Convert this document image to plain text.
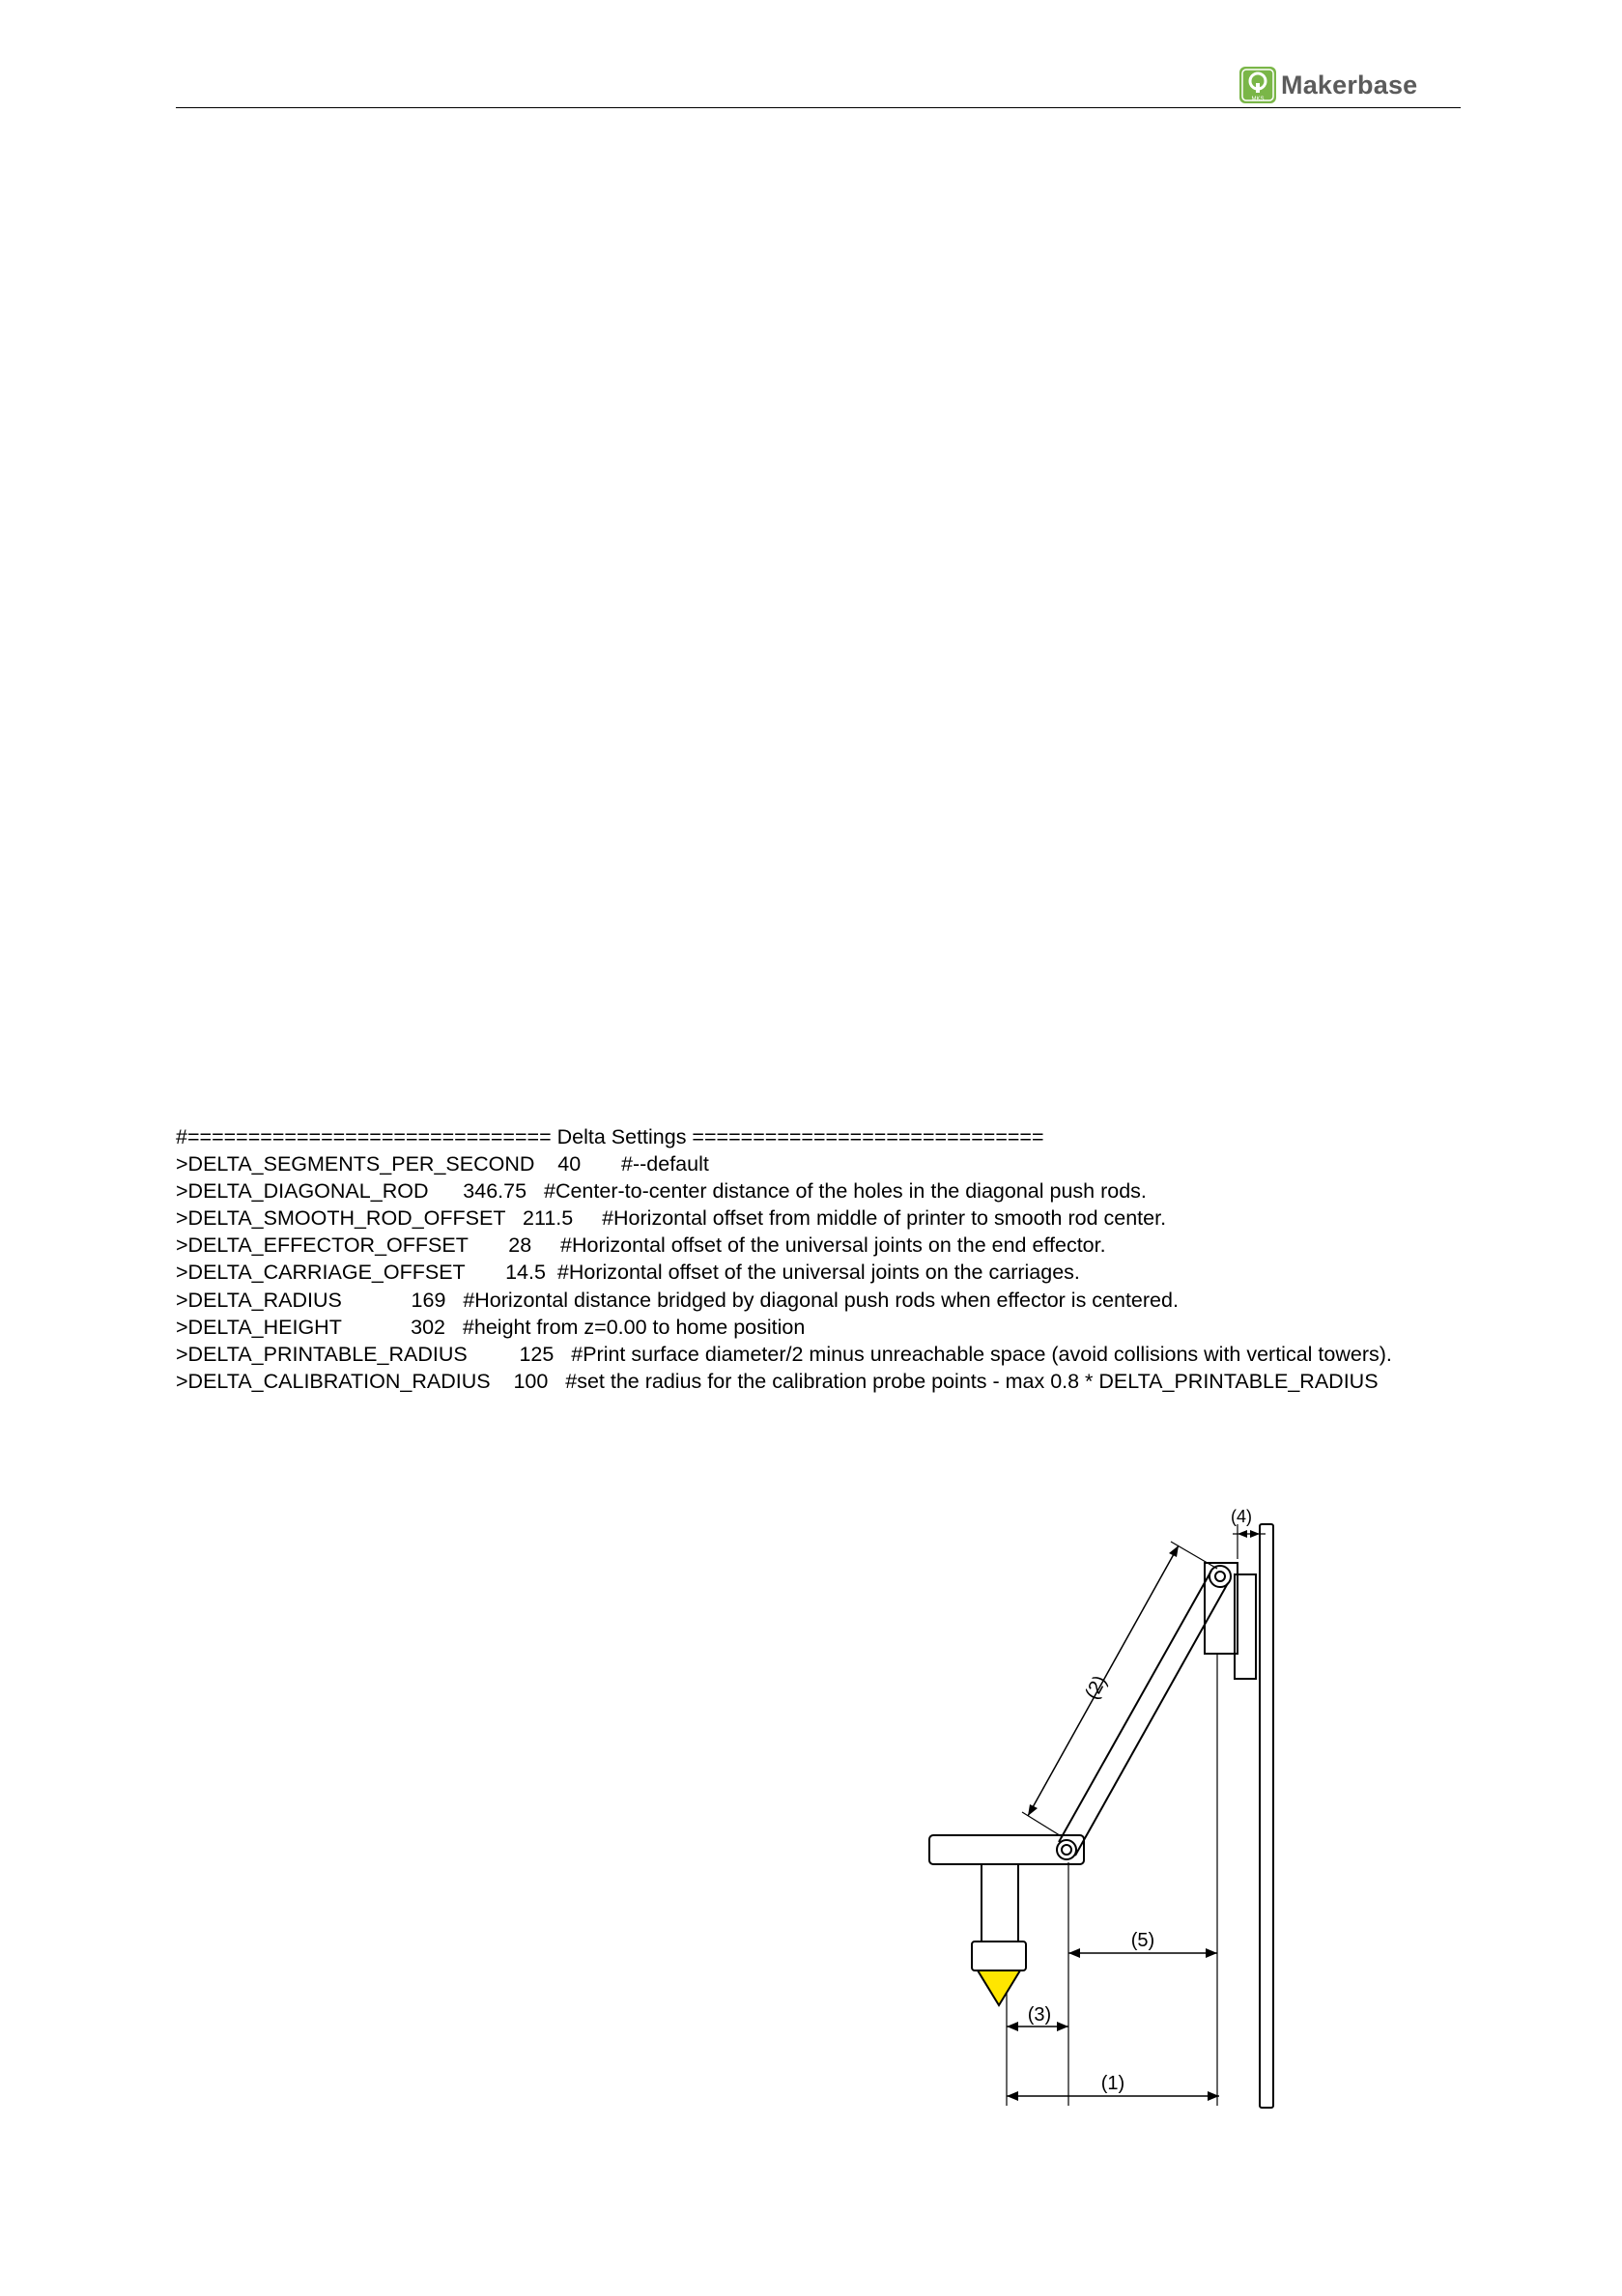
MKS Makerbase

#============================== Delta Settings =============================

>DELTA_SEGMENTS_PER_SECOND    40       #--default

>DELTA_DIAGONAL_ROD      346.75   #Center-to-center distance of the holes in the diagonal push rods.

>DELTA_SMOOTH_ROD_OFFSET   211.5     #Horizontal offset from middle of printer to smooth rod center.

>DELTA_EFFECTOR_OFFSET       28     #Horizontal offset of the universal joints on the end effector.

>DELTA_CARRIAGE_OFFSET       14.5  #Horizontal offset of the universal joints on the carriages.

>DELTA_RADIUS            169   #Horizontal distance bridged by diagonal push rods when effector is centered.

>DELTA_HEIGHT            302   #height from z=0.00 to home position

>DELTA_PRINTABLE_RADIUS         125   #Print surface diameter/2 minus unreachable space (avoid collisions with vertical towers).

>DELTA_CALIBRATION_RADIUS    100   #set the radius for the calibration probe points - max 0.8 * DELTA_PRINTABLE_RADIUS

(2)
(4)
(5)
(3)
(1)
